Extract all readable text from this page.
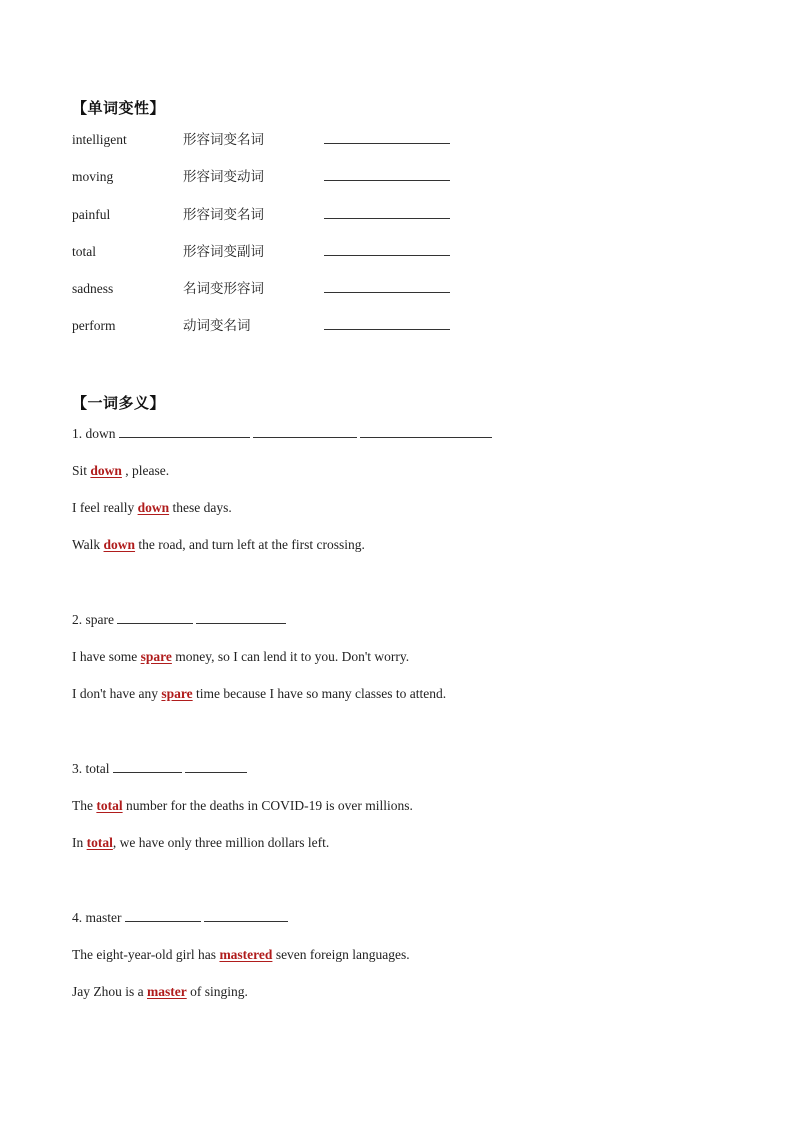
【单词变性】
intelligent	形容词变名词
moving	形容词变动词
painful	形容词变名词
total	形容词变副词
sadness	名词变形容词
perform	动词变名词
【一词多义】
1. down
Sit down , please.
I feel really down these days.
Walk down the road, and turn left at the first crossing.
2. spare
I have some spare money, so I can lend it to you. Don't worry.
I don't have any spare time because I have so many classes to attend.
3. total
The total number for the deaths in COVID-19 is over millions.
In total, we have only three million dollars left.
4. master
The eight-year-old girl has mastered seven foreign languages.
Jay Zhou is a master of singing.
